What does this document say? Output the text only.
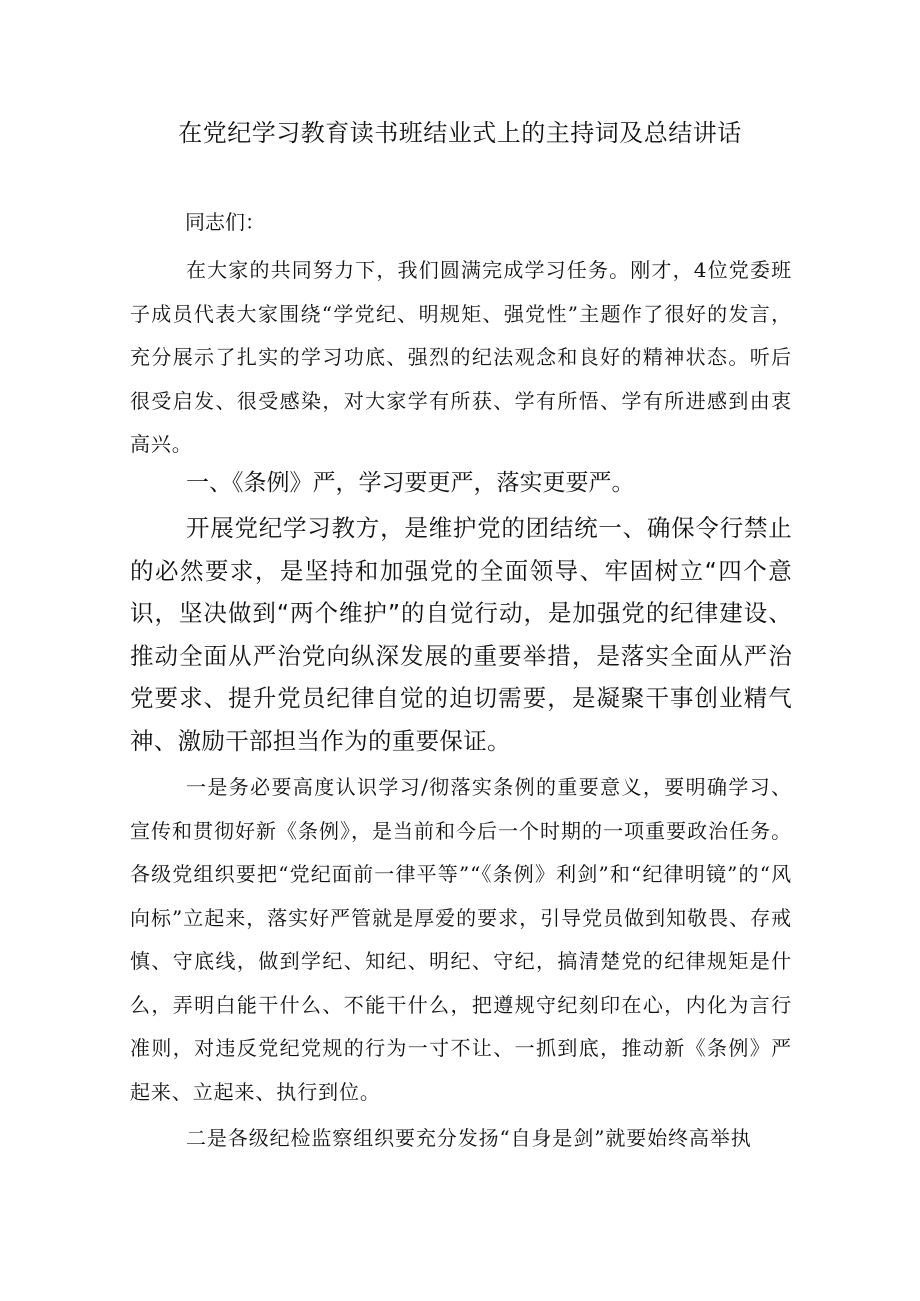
在党纪学习教育读书班结业式上的主持词及总结讲话
同志们：

在大家的共同努力下，我们圆满完成学习任务。刚才，4位党委班子成员代表大家围绕“学党纪、明规矩、强党性”主题作了很好的发言，充分展示了扎实的学习功底、强烈的纪法观念和良好的精神状态。听后很受启发、很受感染，对大家学有所获、学有所悟、学有所进感到由衷高兴。

一、《条例》严，学习要更严，落实更要严。

开展党纪学习教方，是维护党的团结统一、确保令行禁止的必然要求，是坚持和加强党的全面领导、牢固树立“四个意识，坚决做到“两个维护”的自觉行动，是加强党的纪律建设、推动全面从严治党向纵深发展的重要举措，是落实全面从严治党要求、提升党员纪律自觉的迫切需要，是凝聚干事创业精气神、激励干部担当作为的重要保证。

一是务必要高度认识学习/彻落实条例的重要意义，要明确学习、宣传和贯彻好新《条例》，是当前和今后一个时期的一项重要政治任务。各级党组织要把“党纪面前一律平等”“《条例》利剑”和“纪律明镜”的“风向标”立起来，落实好严管就是厚爱的要求，引导党员做到知敬畏、存戒慎、守底线，做到学纪、知纪、明纪、守纪，搞清楚党的纪律规矩是什么，弄明白能干什么、不能干什么，把遵规守纪刻印在心，内化为言行准则，对违反党纪党规的行为一寸不让、一抓到底，推动新《条例》严起来、立起来、执行到位。

二是各级纪检监察组织要充分发扬“自身是剑”就要始终高举执
